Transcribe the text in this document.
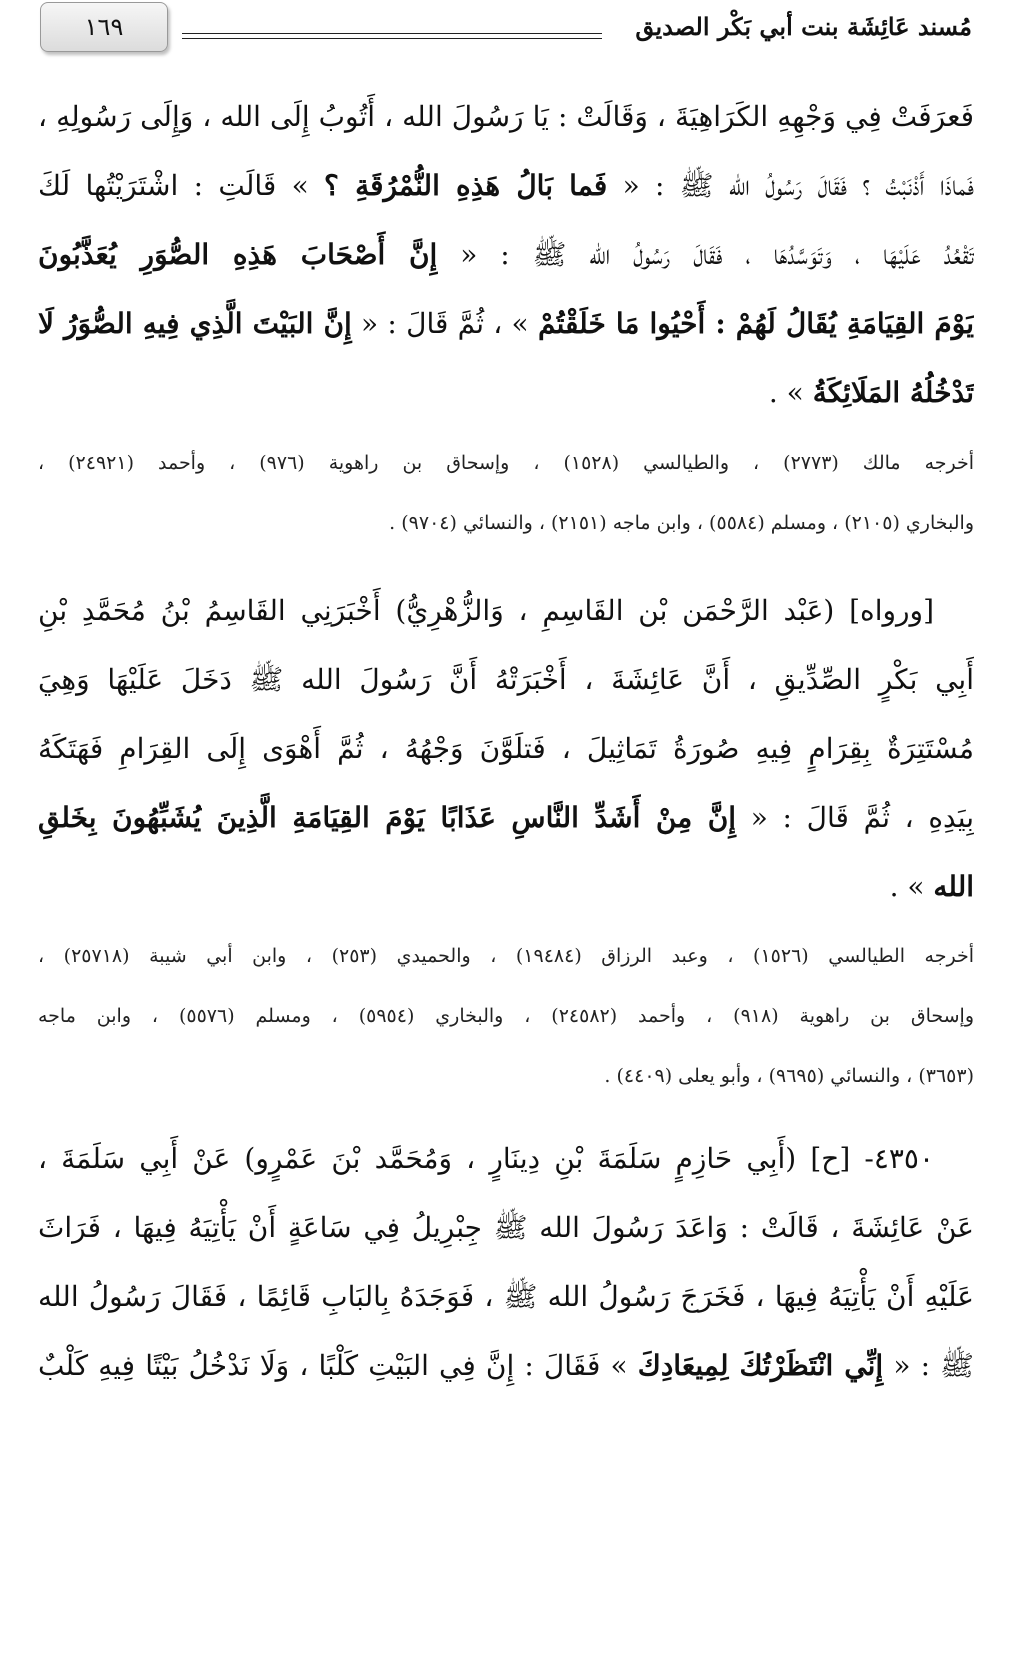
١٦٩	مُسند عَائِشَة بنت أبي بَكْر الصديق
فَعرَفَتْ فِي وَجْهِهِ الكَرَاهِيَةَ ، وَقَالَتْ : يَا رَسُولَ الله ، أَتُوبُ إِلَى الله ، وَإِلَى رَسُولِهِ ،
فَماذَا أَذْنَبْتُ ؟ فَقَالَ رَسُولُ الله ﷺ : « فَما بَالُ هَذِهِ النُّمْرُقَةِ ؟ » قَالَتِ : اشْتَرَيْتُها لَكَ
تَقْعُدُ عَلَيْهَا ، وَتَوَسَّدُهَا ، فَقَالَ رَسُولُ الله ﷺ : « إِنَّ أَصْحَابَ هَذِهِ الصُّوَرِ يُعَذَّبُونَ
يَوْمَ القِيَامَةِ يُقَالُ لَهُمْ : أَحْيُوا مَا خَلَقْتُمْ » ، ثُمَّ قَالَ : « إِنَّ البَيْتَ الَّذِي فِيهِ الصُّوَرُ لَا
تَدْخُلُهُ المَلَائِكَةُ » .
أخرجه مالك (٢٧٧٣) ، والطيالسي (١٥٢٨) ، وإسحاق بن راهوية (٩٧٦) ، وأحمد (٢٤٩٢١) ،
والبخاري (٢١٠٥) ، ومسلم (٥٥٨٤) ، وابن ماجه (٢١٥١) ، والنسائي (٩٧٠٤) .
[ورواه] (عَبْد الرَّحْمَن بْن القَاسِمِ ، وَالزُّهْرِيُّ) أَخْبَرَنِي القَاسِمُ بْنُ مُحَمَّدِ بْنِ
أَبِي بَكْرٍ الصِّدِّيقِ ، أَنَّ عَائِشَةَ ، أَخْبَرَتْهُ أَنَّ رَسُولَ الله ﷺ دَخَلَ عَلَيْهَا وَهِيَ
مُسْتَتِرَةٌ بِقِرَامٍ فِيهِ صُورَةُ تَمَاثِيلَ ، فَتلَوَّنَ وَجْهُهُ ، ثُمَّ أَهْوَى إِلَى القِرَامِ فَهَتَكَهُ
بِيَدِهِ ، ثُمَّ قَالَ : « إِنَّ مِنْ أَشَدِّ النَّاسِ عَذَابًا يَوْمَ القِيَامَةِ الَّذِينَ يُشَبِّهُونَ بِخَلقِ
الله » .
أخرجه الطيالسي (١٥٢٦) ، وعبد الرزاق (١٩٤٨٤) ، والحميدي (٢٥٣) ، وابن أبي شيبة (٢٥٧١٨) ،
وإسحاق بن راهوية (٩١٨) ، وأحمد (٢٤٥٨٢) ، والبخاري (٥٩٥٤) ، ومسلم (٥٥٧٦) ، وابن ماجه
(٣٦٥٣) ، والنسائي (٩٦٩٥) ، وأبو يعلى (٤٤٠٩) .
٤٣٥٠- [ح] (أَبِي حَازِمٍ سَلَمَةَ بْنِ دِينَارٍ ، وَمُحَمَّد بْنَ عَمْرٍو) عَنْ أَبِي سَلَمَةَ ،
عَنْ عَائِشَةَ ، قَالَتْ : وَاعَدَ رَسُولَ الله ﷺ جِبْرِيلُ فِي سَاعَةٍ أَنْ يَأْتِيَهُ فِيهَا ، فَرَاثَ
عَلَيْهِ أَنْ يَأْتِيَهُ فِيهَا ، فَخَرَجَ رَسُولُ الله ﷺ ، فَوَجَدَهُ بِالبَابِ قَائِمًا ، فَقَالَ رَسُولُ الله
ﷺ : « إِنِّي انْتَظَرْتُكَ لِمِيعَادِكَ » فَقَالَ : إِنَّ فِي البَيْتِ كَلْبًا ، وَلَا نَدْخُلُ بَيْتًا فِيهِ كَلْبٌ
